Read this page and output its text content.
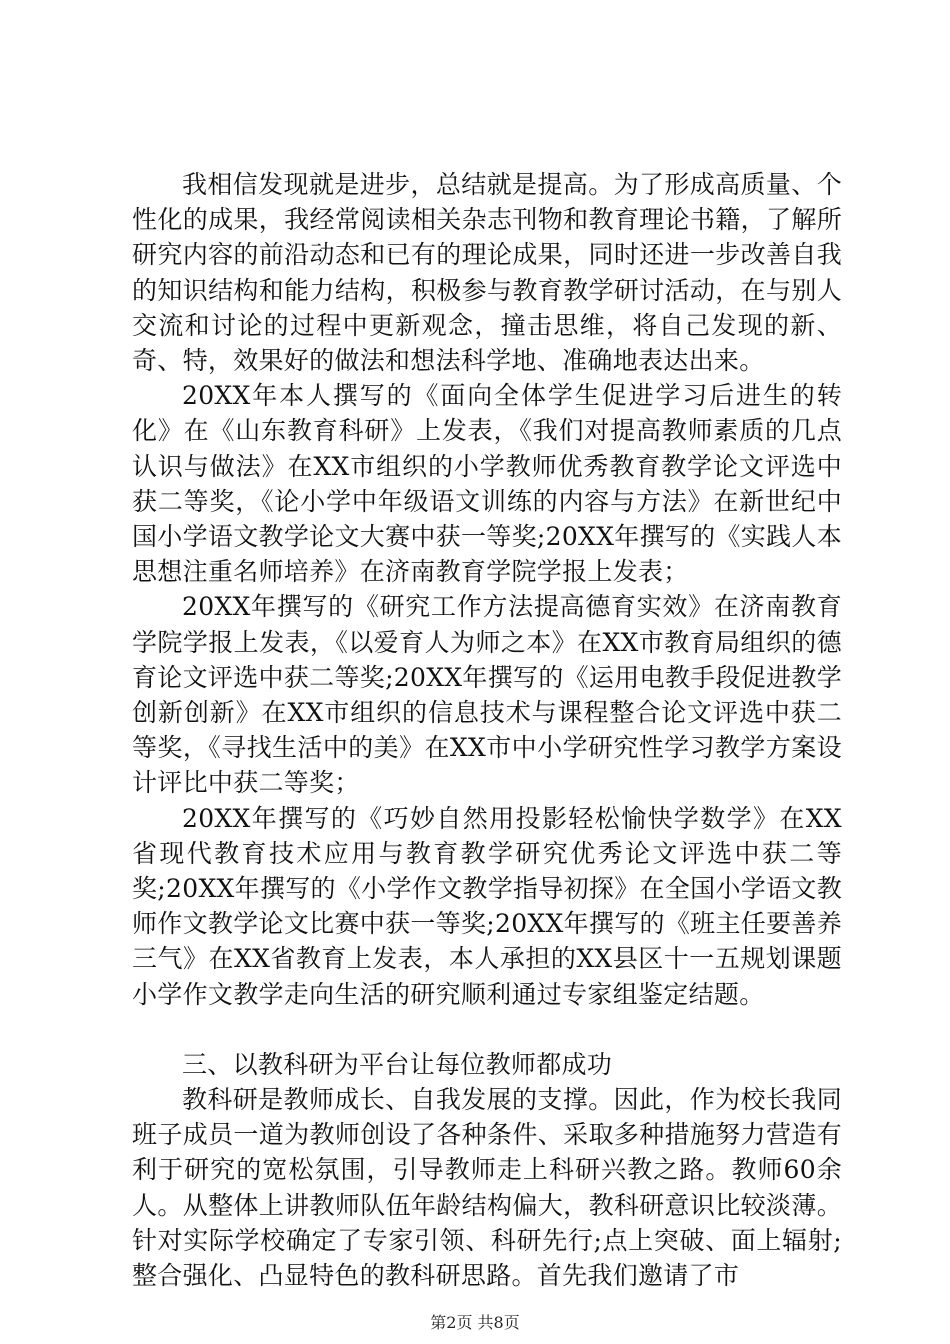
我相信发现就是进步，总结就是提高。为了形成高质量、个性化的成果，我经常阅读相关杂志刊物和教育理论书籍，了解所研究内容的前沿动态和已有的理论成果，同时还进一步改善自我的知识结构和能力结构，积极参与教育教学研讨活动，在与别人交流和讨论的过程中更新观念，撞击思维，将自己发现的新、奇、特，效果好的做法和想法科学地、准确地表达出来。

20XX年本人撰写的《面向全体学生促进学习后进生的转化》在《山东教育科研》上发表，《我们对提高教师素质的几点认识与做法》在XX市组织的小学教师优秀教育教学论文评选中获二等奖，《论小学中年级语文训练的内容与方法》在新世纪中国小学语文教学论文大赛中获一等奖;20XX年撰写的《实践人本思想注重名师培养》在济南教育学院学报上发表；

20XX年撰写的《研究工作方法提高德育实效》在济南教育学院学报上发表，《以爱育人为师之本》在XX市教育局组织的德育论文评选中获二等奖;20XX年撰写的《运用电教手段促进教学创新创新》在XX市组织的信息技术与课程整合论文评选中获二等奖，《寻找生活中的美》在XX市中小学研究性学习教学方案设计评比中获二等奖；

20XX年撰写的《巧妙自然用投影轻松愉快学数学》在XX省现代教育技术应用与教育教学研究优秀论文评选中获二等奖;20XX年撰写的《小学作文教学指导初探》在全国小学语文教师作文教学论文比赛中获一等奖;20XX年撰写的《班主任要善养三气》在XX省教育上发表，本人承担的XX县区十一五规划课题小学作文教学走向生活的研究顺利通过专家组鉴定结题。

三、以教科研为平台让每位教师都成功

教科研是教师成长、自我发展的支撑。因此，作为校长我同班子成员一道为教师创设了各种条件、采取多种措施努力营造有利于研究的宽松氛围，引导教师走上科研兴教之路。教师60余人。从整体上讲教师队伍年龄结构偏大，教科研意识比较淡薄。针对实际学校确定了专家引领、科研先行;点上突破、面上辐射;整合强化、凸显特色的教科研思路。首先我们邀请了市

第2页 共8页
